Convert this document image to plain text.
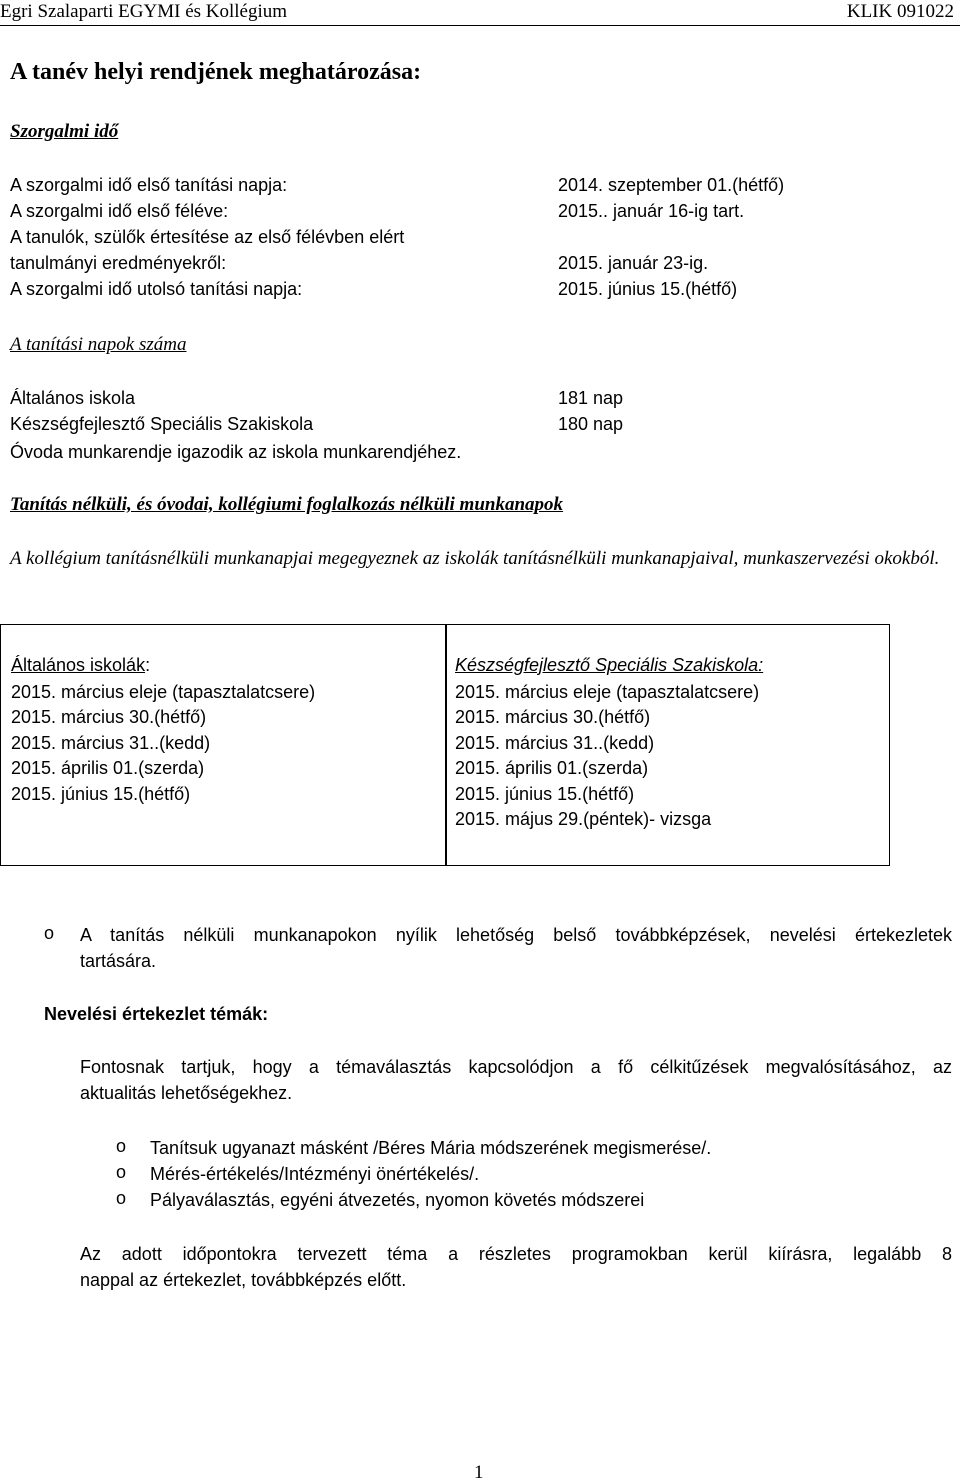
Egri Szalaparti EGYMI és Kollégium	KLIK 091022
A tanév helyi rendjének meghatározása:
Szorgalmi idő
A szorgalmi idő első tanítási napja:	2014. szeptember 01.(hétfő)
A szorgalmi idő első féléve:	2015.. január 16-ig tart.
A tanulók, szülők értesítése az első félévben elért
tanulmányi eredményekről:	2015. január 23-ig.
A szorgalmi idő utolsó tanítási napja:	2015. június 15.(hétfő)
A tanítási napok száma
Általános iskola	181 nap
Készségfejlesztő Speciális Szakiskola	180 nap
Óvoda munkarendje igazodik az iskola munkarendjéhez.
Tanítás nélküli, és óvodai, kollégiumi foglalkozás nélküli munkanapok
A kollégium tanításnélküli munkanapjai megegyeznek az iskolák tanításnélküli munkanapjaival, munkaszervezési okokból.
Általános iskolák:
2015. március eleje (tapasztalatcsere)
2015. március 30.(hétfő)
2015. március 31..(kedd)
2015. április 01.(szerda)
2015. június 15.(hétfő)
Készségfejlesztő Speciális Szakiskola:
2015. március eleje (tapasztalatcsere)
2015. március 30.(hétfő)
2015. március 31..(kedd)
2015. április 01.(szerda)
2015. június 15.(hétfő)
2015. május 29.(péntek)- vizsga
o A tanítás nélküli munkanapokon nyílik lehetőség belső továbbképzések, nevelési értekezletek
tartására.
Nevelési értekezlet témák:
Fontosnak tartjuk, hogy a témaválasztás kapcsolódjon a fő célkitűzések megvalósításához, az
aktualitás lehetőségekhez.
o Tanítsuk ugyanazt másként /Béres Mária módszerének megismerése/.
o Mérés-értékelés/Intézményi önértékelés/.
o Pályaválasztás, egyéni átvezetés, nyomon követés módszerei
Az adott időpontokra tervezett téma a részletes programokban kerül kiírásra, legalább 8
nappal az értekezlet, továbbképzés előtt.
1
